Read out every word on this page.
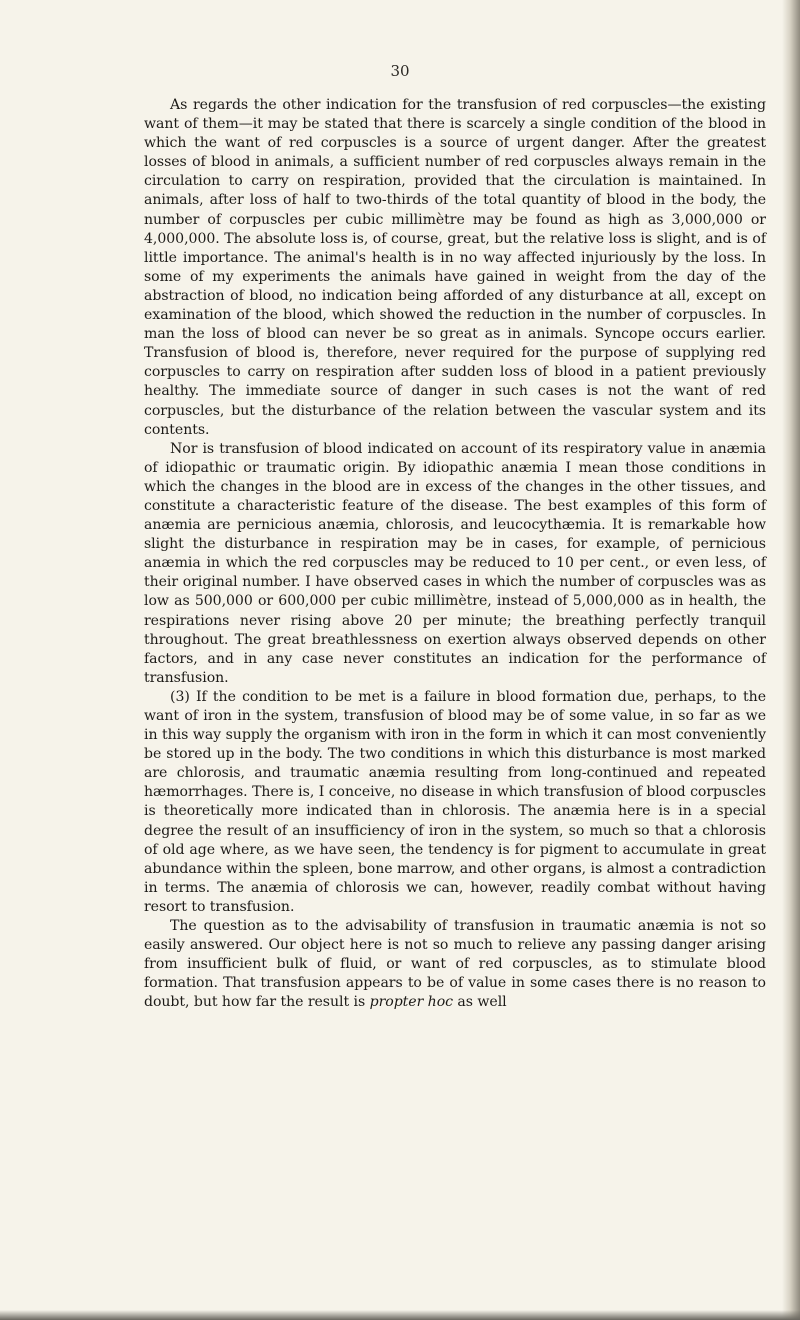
30

As regards the other indication for the transfusion of red corpuscles—the existing want of them—it may be stated that there is scarcely a single condition of the blood in which the want of red corpuscles is a source of urgent danger. After the greatest losses of blood in animals, a sufficient number of red corpuscles always remain in the circulation to carry on respiration, provided that the circulation is maintained. In animals, after loss of half to two-thirds of the total quantity of blood in the body, the number of corpuscles per cubic millimètre may be found as high as 3,000,000 or 4,000,000. The absolute loss is, of course, great, but the relative loss is slight, and is of little importance. The animal's health is in no way affected injuriously by the loss. In some of my experiments the animals have gained in weight from the day of the abstraction of blood, no indication being afforded of any disturbance at all, except on examination of the blood, which showed the reduction in the number of corpuscles. In man the loss of blood can never be so great as in animals. Syncope occurs earlier. Transfusion of blood is, therefore, never required for the purpose of supplying red corpuscles to carry on respiration after sudden loss of blood in a patient previously healthy. The immediate source of danger in such cases is not the want of red corpuscles, but the disturbance of the relation between the vascular system and its contents.

Nor is transfusion of blood indicated on account of its respiratory value in anæmia of idiopathic or traumatic origin. By idiopathic anæmia I mean those conditions in which the changes in the blood are in excess of the changes in the other tissues, and constitute a characteristic feature of the disease. The best examples of this form of anæmia are pernicious anæmia, chlorosis, and leucocythæmia. It is remarkable how slight the disturbance in respiration may be in cases, for example, of pernicious anæmia in which the red corpuscles may be reduced to 10 per cent., or even less, of their original number. I have observed cases in which the number of corpuscles was as low as 500,000 or 600,000 per cubic millimètre, instead of 5,000,000 as in health, the respirations never rising above 20 per minute; the breathing perfectly tranquil throughout. The great breathlessness on exertion always observed depends on other factors, and in any case never constitutes an indication for the performance of transfusion.

(3) If the condition to be met is a failure in blood formation due, perhaps, to the want of iron in the system, transfusion of blood may be of some value, in so far as we in this way supply the organism with iron in the form in which it can most conveniently be stored up in the body. The two conditions in which this disturbance is most marked are chlorosis, and traumatic anæmia resulting from long-continued and repeated hæmorrhages. There is, I conceive, no disease in which transfusion of blood corpuscles is theoretically more indicated than in chlorosis. The anæmia here is in a special degree the result of an insufficiency of iron in the system, so much so that a chlorosis of old age where, as we have seen, the tendency is for pigment to accumulate in great abundance within the spleen, bone marrow, and other organs, is almost a contradiction in terms. The anæmia of chlorosis we can, however, readily combat without having resort to transfusion.

The question as to the advisability of transfusion in traumatic anæmia is not so easily answered. Our object here is not so much to relieve any passing danger arising from insufficient bulk of fluid, or want of red corpuscles, as to stimulate blood formation. That transfusion appears to be of value in some cases there is no reason to doubt, but how far the result is propter hoc as well
